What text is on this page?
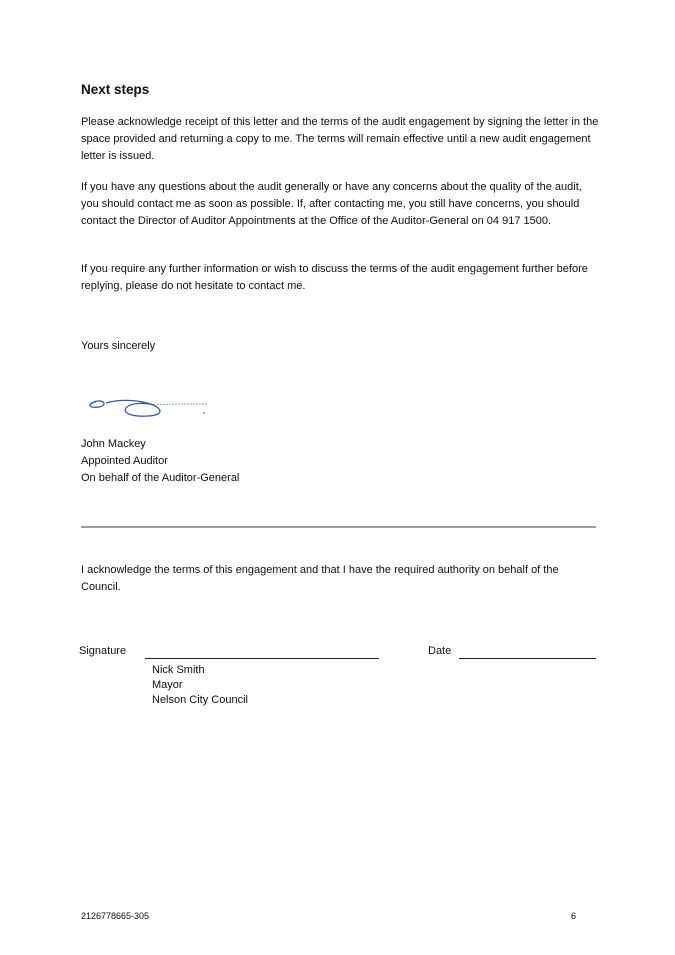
Next steps
Please acknowledge receipt of this letter and the terms of the audit engagement by signing the letter in the space provided and returning a copy to me. The terms will remain effective until a new audit engagement letter is issued.
If you have any questions about the audit generally or have any concerns about the quality of the audit, you should contact me as soon as possible. If, after contacting me, you still have concerns, you should contact the Director of Auditor Appointments at the Office of the Auditor-General on 04 917 1500.
If you require any further information or wish to discuss the terms of the audit engagement further before replying, please do not hesitate to contact me.
Yours sincerely
John Mackey
Appointed Auditor
On behalf of the Auditor-General
I acknowledge the terms of this engagement and that I have the required authority on behalf of the Council.
Signature	Date
Nick Smith
Mayor
Nelson City Council
2126778665-305	6
